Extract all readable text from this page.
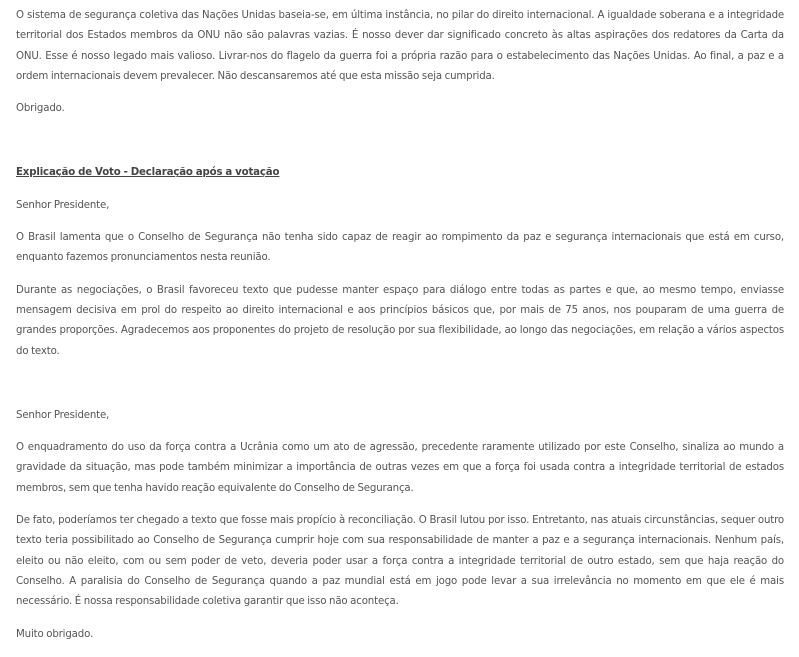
O sistema de segurança coletiva das Nações Unidas baseia-se, em última instância, no pilar do direito internacional. A igualdade soberana e a integridade territorial dos Estados membros da ONU não são palavras vazias. É nosso dever dar significado concreto às altas aspirações dos redatores da Carta da ONU. Esse é nosso legado mais valioso. Livrar-nos do flagelo da guerra foi a própria razão para o estabelecimento das Nações Unidas. Ao final, a paz e a ordem internacionais devem prevalecer. Não descansaremos até que esta missão seja cumprida.

Obrigado.

Explicação de Voto - Declaração após a votação

Senhor Presidente,

O Brasil lamenta que o Conselho de Segurança não tenha sido capaz de reagir ao rompimento da paz e segurança internacionais que está em curso, enquanto fazemos pronunciamentos nesta reunião.

Durante as negociações, o Brasil favoreceu texto que pudesse manter espaço para diálogo entre todas as partes e que, ao mesmo tempo, enviasse mensagem decisiva em prol do respeito ao direito internacional e aos princípios básicos que, por mais de 75 anos, nos pouparam de uma guerra de grandes proporções. Agradecemos aos proponentes do projeto de resolução por sua flexibilidade, ao longo das negociações, em relação a vários aspectos do texto.

Senhor Presidente,

O enquadramento do uso da força contra a Ucrânia como um ato de agressão, precedente raramente utilizado por este Conselho, sinaliza ao mundo a gravidade da situação, mas pode também minimizar a importância de outras vezes em que a força foi usada contra a integridade territorial de estados membros, sem que tenha havido reação equivalente do Conselho de Segurança.

De fato, poderíamos ter chegado a texto que fosse mais propício à reconciliação. O Brasil lutou por isso. Entretanto, nas atuais circunstâncias, sequer outro texto teria possibilitado ao Conselho de Segurança cumprir hoje com sua responsabilidade de manter a paz e a segurança internacionais. Nenhum país, eleito ou não eleito, com ou sem poder de veto, deveria poder usar a força contra a integridade territorial de outro estado, sem que haja reação do Conselho. A paralisia do Conselho de Segurança quando a paz mundial está em jogo pode levar a sua irrelevância no momento em que ele é mais necessário. É nossa responsabilidade coletiva garantir que isso não aconteça.

Muito obrigado.
